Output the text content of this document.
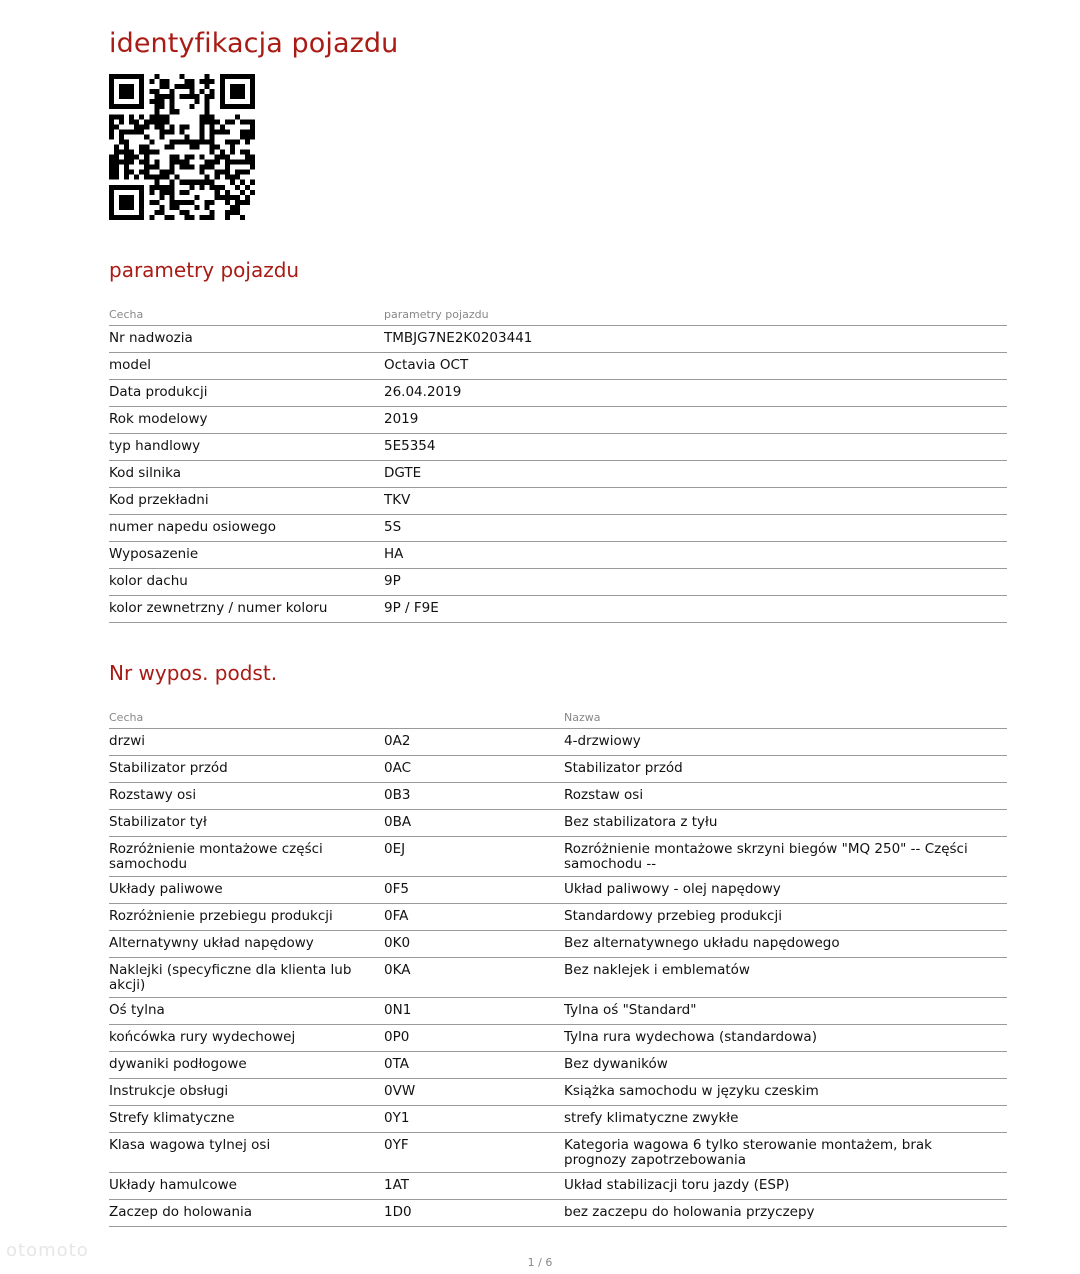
otomoto
identyfikacja pojazdu
parametry pojazdu
Cecha	parametry pojazdu
Nr nadwozia	TMBJG7NE2K0203441
model	Octavia OCT
Data produkcji	26.04.2019
Rok modelowy	2019
typ handlowy	5E5354
Kod silnika	DGTE
Kod przekładni	TKV
numer napedu osiowego	5S
Wyposazenie	HA
kolor dachu	9P
kolor zewnetrzny / numer koloru	9P / F9E
Nr wypos. podst.
Cecha		Nazwa
drzwi	0A2	4-drzwiowy
Stabilizator przód	0AC	Stabilizator przód
Rozstawy osi	0B3	Rozstaw osi
Stabilizator tył	0BA	Bez stabilizatora z tyłu
Rozróżnienie montażowe części samochodu	0EJ	Rozróżnienie montażowe skrzyni biegów "MQ 250" -- Części samochodu --
Układy paliwowe	0F5	Układ paliwowy - olej napędowy
Rozróżnienie przebiegu produkcji	0FA	Standardowy przebieg produkcji
Alternatywny układ napędowy	0K0	Bez alternatywnego układu napędowego
Naklejki (specyficzne dla klienta lub akcji)	0KA	Bez naklejek i emblematów
Oś tylna	0N1	Tylna oś "Standard"
końcówka rury wydechowej	0P0	Tylna rura wydechowa (standardowa)
dywaniki podłogowe	0TA	Bez dywaników
Instrukcje obsługi	0VW	Książka samochodu w języku czeskim
Strefy klimatyczne	0Y1	strefy klimatyczne zwykłe
Klasa wagowa tylnej osi	0YF	Kategoria wagowa 6 tylko sterowanie montażem, brak prognozy zapotrzebowania
Układy hamulcowe	1AT	Układ stabilizacji toru jazdy (ESP)
Zaczep do holowania	1D0	bez zaczepu do holowania przyczepy
1 / 6
